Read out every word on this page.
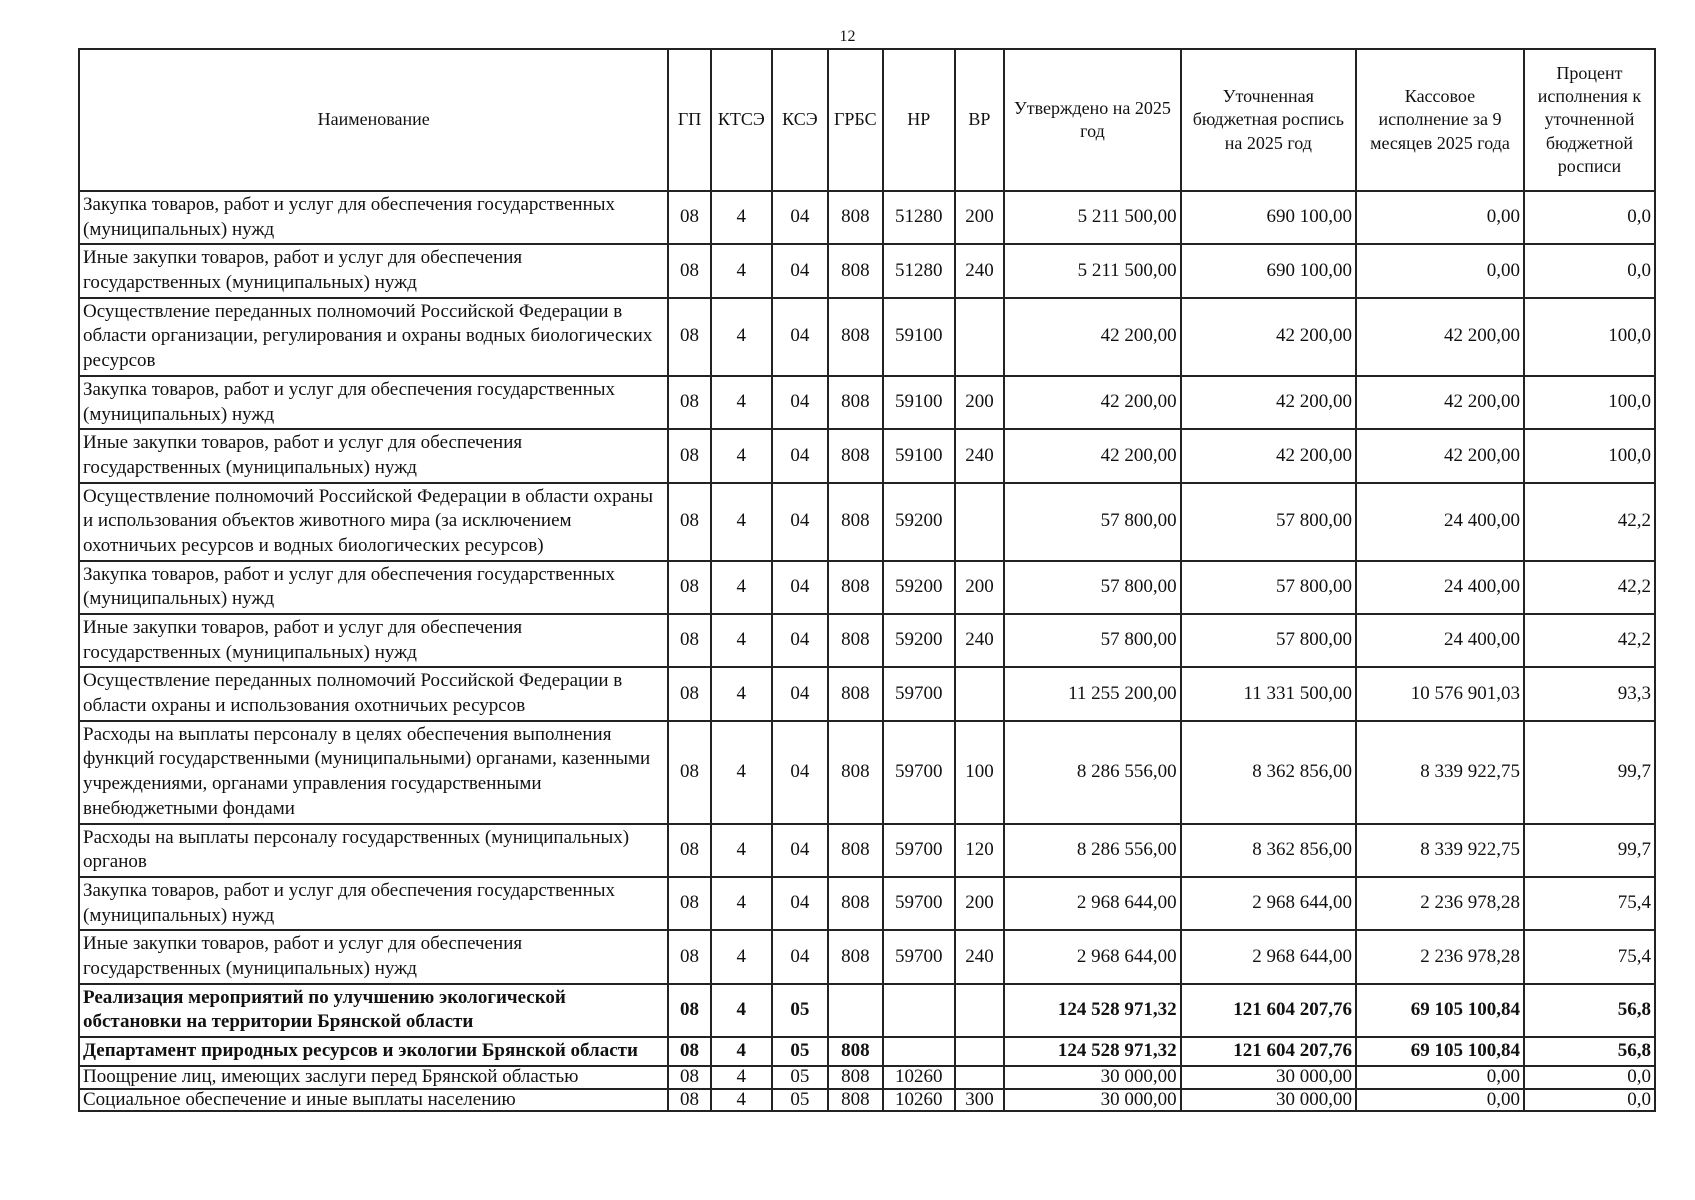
12
Наименование	ГП	КТСЭ	КСЭ	ГРБС	НР	ВР	Утверждено на 2025 год	Уточненная бюджетная роспись на 2025 год	Кассовое исполнение за 9 месяцев 2025 года	Процент исполнения к уточненной бюджетной росписи
Закупка товаров, работ и услуг для обеспечения государственных (муниципальных) нужд	08	4	04	808	51280	200	5 211 500,00	690 100,00	0,00	0,0
Иные закупки товаров, работ и услуг для обеспечения государственных (муниципальных) нужд	08	4	04	808	51280	240	5 211 500,00	690 100,00	0,00	0,0
Осуществление переданных полномочий Российской Федерации в области организации, регулирования и охраны водных биологических ресурсов	08	4	04	808	59100		42 200,00	42 200,00	42 200,00	100,0
Закупка товаров, работ и услуг для обеспечения государственных (муниципальных) нужд	08	4	04	808	59100	200	42 200,00	42 200,00	42 200,00	100,0
Иные закупки товаров, работ и услуг для обеспечения государственных (муниципальных) нужд	08	4	04	808	59100	240	42 200,00	42 200,00	42 200,00	100,0
Осуществление полномочий Российской Федерации в области охраны и использования объектов животного мира (за исключением охотничьих ресурсов и водных биологических ресурсов)	08	4	04	808	59200		57 800,00	57 800,00	24 400,00	42,2
Закупка товаров, работ и услуг для обеспечения государственных (муниципальных) нужд	08	4	04	808	59200	200	57 800,00	57 800,00	24 400,00	42,2
Иные закупки товаров, работ и услуг для обеспечения государственных (муниципальных) нужд	08	4	04	808	59200	240	57 800,00	57 800,00	24 400,00	42,2
Осуществление переданных полномочий Российской Федерации в области охраны и использования охотничьих ресурсов	08	4	04	808	59700		11 255 200,00	11 331 500,00	10 576 901,03	93,3
Расходы на выплаты персоналу в целях обеспечения выполнения функций государственными (муниципальными) органами, казенными учреждениями, органами управления государственными внебюджетными фондами	08	4	04	808	59700	100	8 286 556,00	8 362 856,00	8 339 922,75	99,7
Расходы на выплаты персоналу государственных (муниципальных) органов	08	4	04	808	59700	120	8 286 556,00	8 362 856,00	8 339 922,75	99,7
Закупка товаров, работ и услуг для обеспечения государственных (муниципальных) нужд	08	4	04	808	59700	200	2 968 644,00	2 968 644,00	2 236 978,28	75,4
Иные закупки товаров, работ и услуг для обеспечения государственных (муниципальных) нужд	08	4	04	808	59700	240	2 968 644,00	2 968 644,00	2 236 978,28	75,4
Реализация мероприятий по улучшению экологической обстановки на территории Брянской области	08	4	05				124 528 971,32	121 604 207,76	69 105 100,84	56,8
Департамент природных ресурсов и экологии Брянской области	08	4	05	808			124 528 971,32	121 604 207,76	69 105 100,84	56,8
Поощрение лиц, имеющих заслуги перед Брянской областью	08	4	05	808	10260		30 000,00	30 000,00	0,00	0,0
Социальное обеспечение и иные выплаты населению	08	4	05	808	10260	300	30 000,00	30 000,00	0,00	0,0
